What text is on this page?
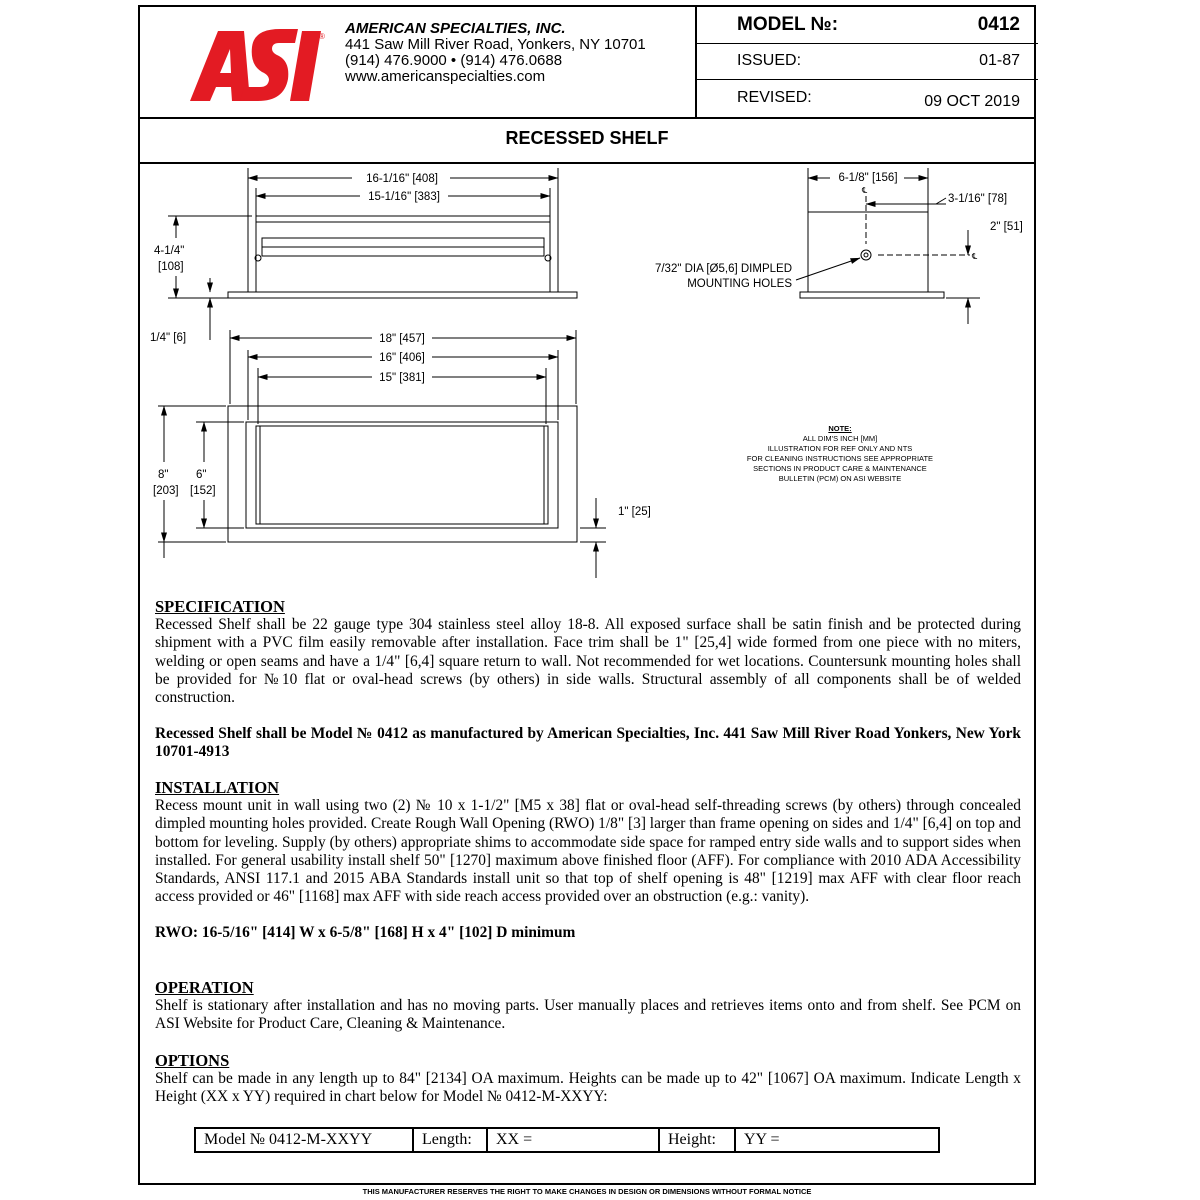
® AMERICAN SPECIALTIES, INC.
441 Saw Mill River Road, Yonkers, NY 10701
(914) 476.9000 • (914) 476.0688
www.americanspecialties.com
MODEL №:	0412
ISSUED:	01-87
REVISED:	09 OCT 2019
RECESSED SHELF
16-1/16" [408]
15-1/16" [383]
4-1/4"
[108]
1/4" [6]
6-1/8" [156]
℄
3-1/16" [78]
2" [51]
℄
7/32" DIA [Ø5,6] DIMPLED
MOUNTING HOLES
18" [457]
16" [406]
15" [381]
8"
[203]
6"
[152]
1" [25]
NOTE:
ALL DIM'S INCH [MM]
ILLUSTRATION FOR REF ONLY AND NTS
FOR CLEANING INSTRUCTIONS SEE APPROPRIATE
SECTIONS IN PRODUCT CARE & MAINTENANCE
BULLETIN (PCM) ON ASI WEBSITE
SPECIFICATION
Recessed Shelf shall be 22 gauge type 304 stainless steel alloy 18-8. All exposed surface shall be satin finish and be protected during shipment with a PVC film easily removable after installation. Face trim shall be 1" [25,4] wide formed from one piece with no miters, welding or open seams and have a 1/4" [6,4] square return to wall. Not recommended for wet locations. Countersunk mounting holes shall be provided for №10 flat or oval-head screws (by others) in side walls. Structural assembly of all components shall be of welded construction.
Recessed Shelf shall be Model № 0412 as manufactured by American Specialties, Inc. 441 Saw Mill River Road Yonkers, New York 10701-4913
INSTALLATION
Recess mount unit in wall using two (2) № 10 x 1-1/2" [M5 x 38] flat or oval-head self-threading screws (by others) through concealed dimpled mounting holes provided. Create Rough Wall Opening (RWO) 1/8" [3] larger than frame opening on sides and 1/4" [6,4] on top and bottom for leveling. Supply (by others) appropriate shims to accommodate side space for ramped entry side walls and to support sides when installed. For general usability install shelf 50" [1270] maximum above finished floor (AFF). For compliance with 2010 ADA Accessibility Standards, ANSI 117.1 and 2015 ABA Standards install unit so that top of shelf opening is 48" [1219] max AFF with clear floor reach access provided or 46" [1168] max AFF with side reach access provided over an obstruction (e.g.: vanity).
RWO: 16-5/16" [414] W x 6-5/8" [168] H x 4" [102] D minimum
OPERATION
Shelf is stationary after installation and has no moving parts. User manually places and retrieves items onto and from shelf. See PCM on ASI Website for Product Care, Cleaning & Maintenance.
OPTIONS
Shelf can be made in any length up to 84" [2134] OA maximum. Heights can be made up to 42" [1067] OA maximum. Indicate Length x Height (XX x YY) required in chart below for Model № 0412-M-XXYY:
Model № 0412-M-XXYY	Length:	XX =	Height:	YY =
THIS MANUFACTURER RESERVES THE RIGHT TO MAKE CHANGES IN DESIGN OR DIMENSIONS WITHOUT FORMAL NOTICE
